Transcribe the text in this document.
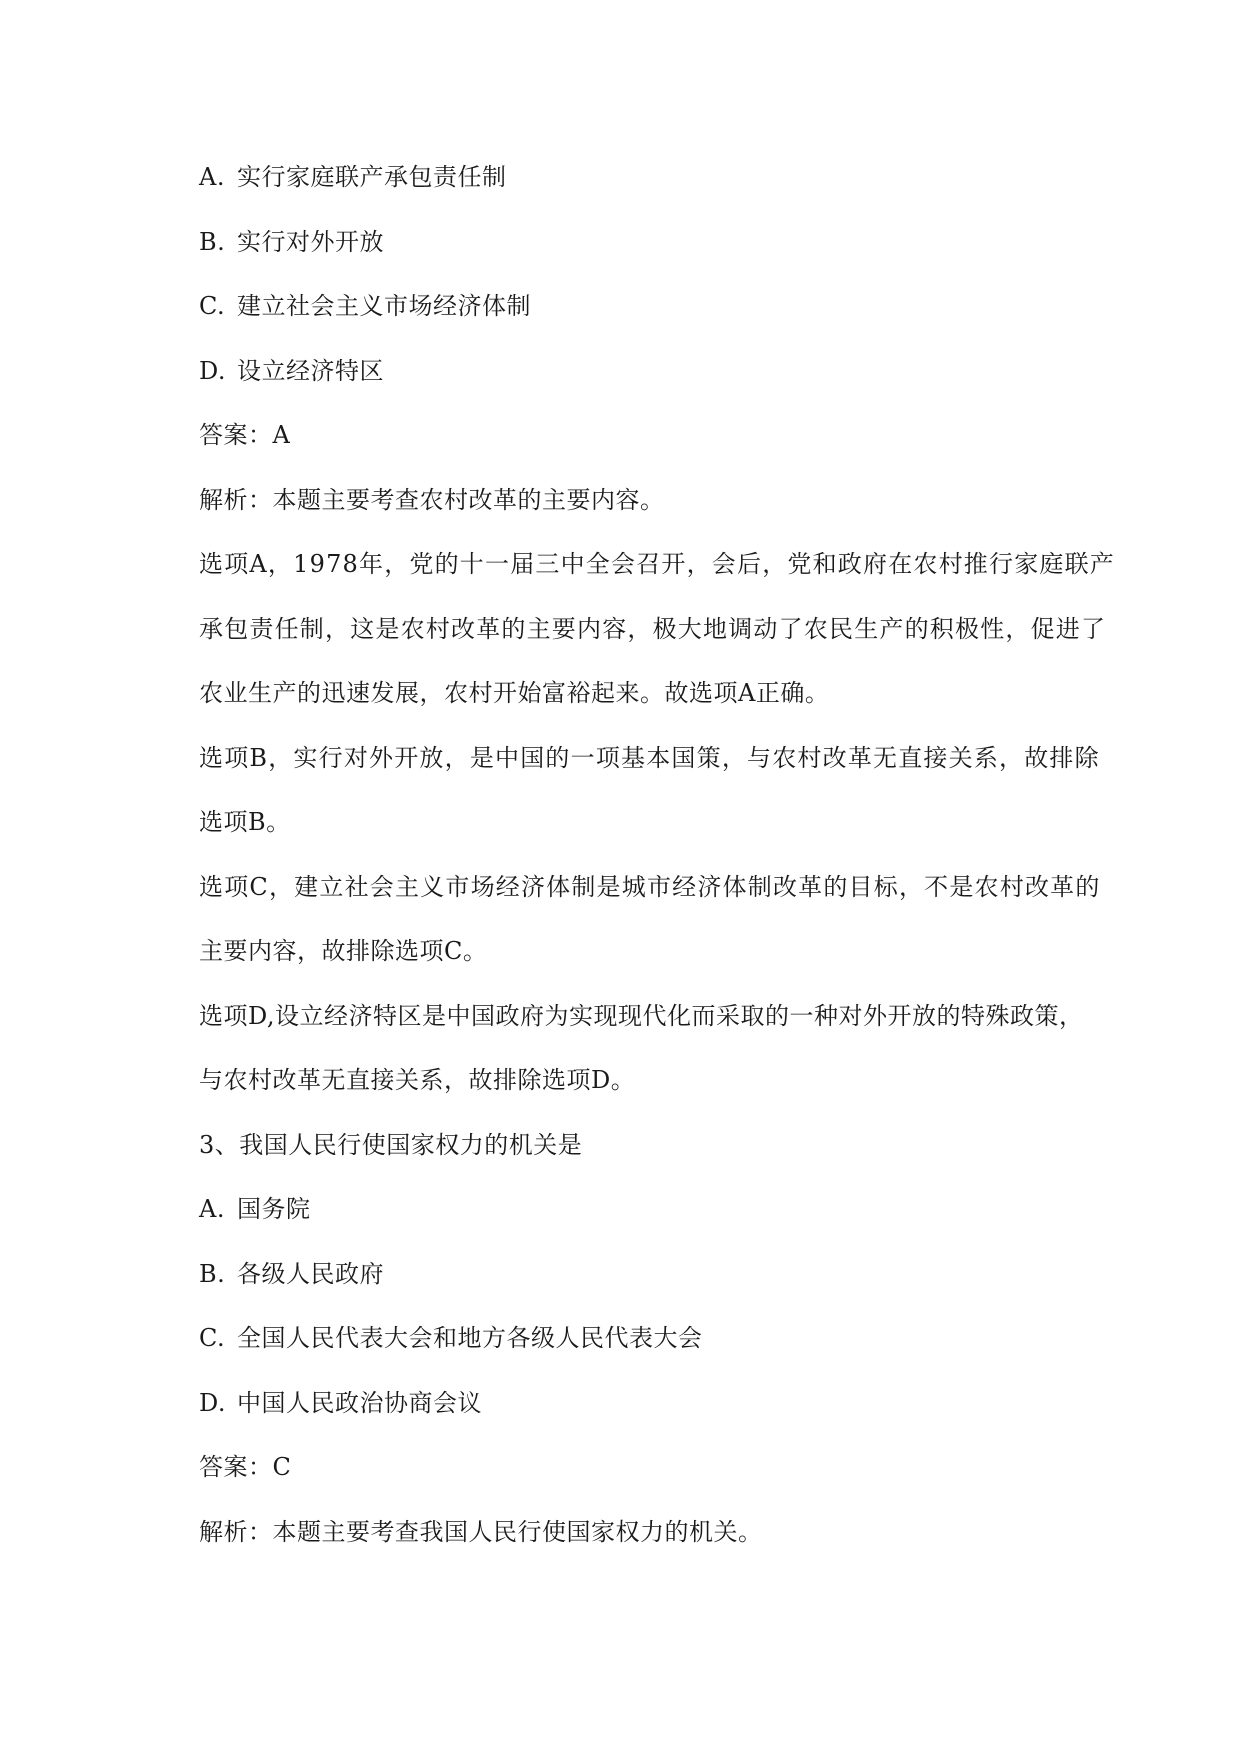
A. 实行家庭联产承包责任制
B. 实行对外开放
C. 建立社会主义市场经济体制
D. 设立经济特区
答案：A
解析：本题主要考查农村改革的主要内容。
选项A，1978年，党的十一届三中全会召开，会后，党和政府在农村推行家庭联产
承包责任制，这是农村改革的主要内容，极大地调动了农民生产的积极性，促进了
农业生产的迅速发展，农村开始富裕起来。故选项A正确。
选项B，实行对外开放，是中国的一项基本国策，与农村改革无直接关系，故排除
选项B。
选项C，建立社会主义市场经济体制是城市经济体制改革的目标，不是农村改革的
主要内容，故排除选项C。
选项D,设立经济特区是中国政府为实现现代化而采取的一种对外开放的特殊政策，
与农村改革无直接关系，故排除选项D。
3、我国人民行使国家权力的机关是
A. 国务院
B. 各级人民政府
C. 全国人民代表大会和地方各级人民代表大会
D. 中国人民政治协商会议
答案：C
解析：本题主要考查我国人民行使国家权力的机关。
